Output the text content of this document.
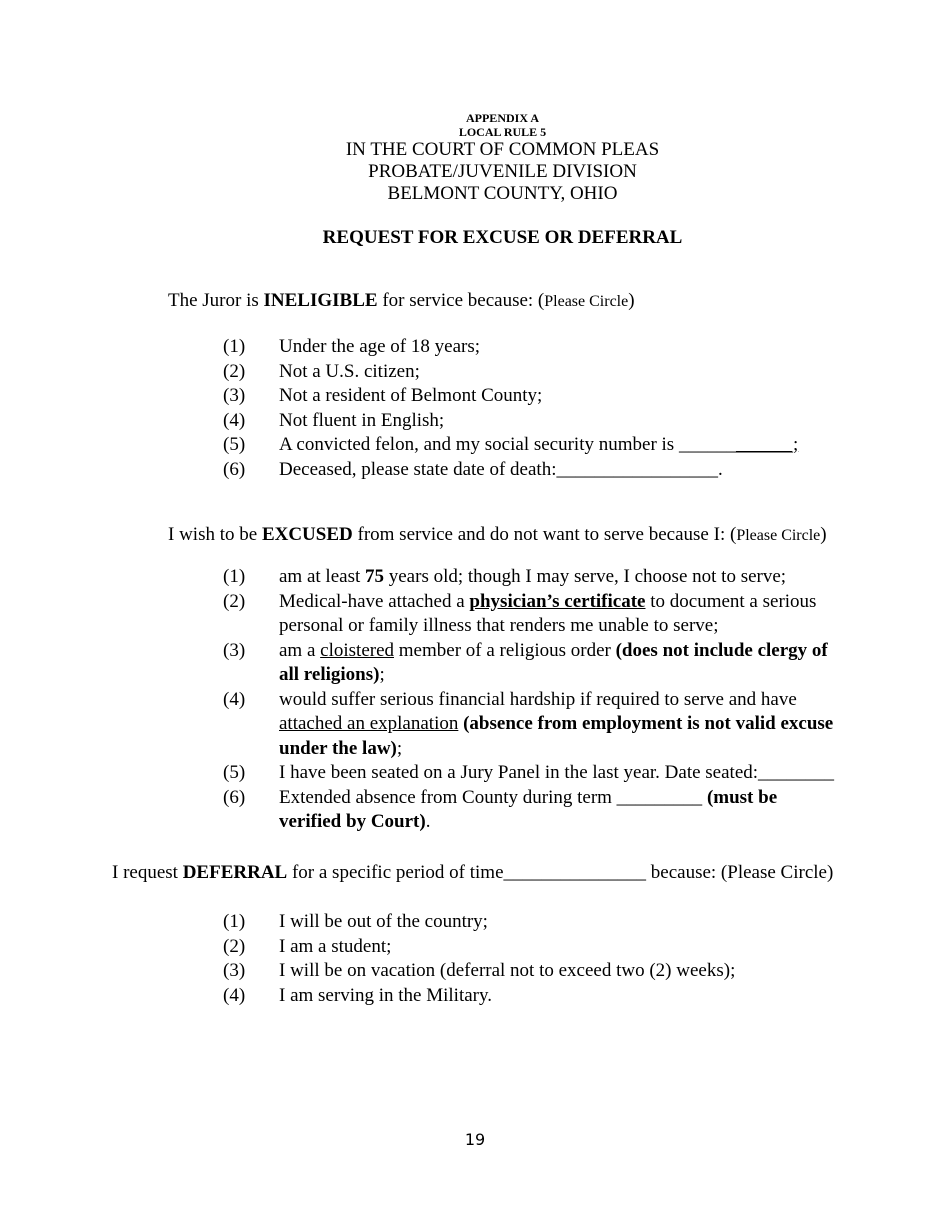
APPENDIX A
LOCAL RULE 5
IN THE COURT OF COMMON PLEAS
PROBATE/JUVENILE DIVISION
BELMONT COUNTY, OHIO
REQUEST FOR EXCUSE OR DEFERRAL
The Juror is INELIGIBLE for service because: (Please Circle)
(1) Under the age of 18 years;
(2) Not a U.S. citizen;
(3) Not a resident of Belmont County;
(4) Not fluent in English;
(5) A convicted felon, and my social security number is ____________;
(6) Deceased, please state date of death:_________________.
I wish to be EXCUSED from service and do not want to serve because I: (Please Circle)
(1) am at least 75 years old; though I may serve, I choose not to serve;
(2) Medical-have attached a physician’s certificate to document a serious personal or family illness that renders me unable to serve;
(3) am a cloistered member of a religious order (does not include clergy of all religions);
(4) would suffer serious financial hardship if required to serve and have attached an explanation (absence from employment is not valid excuse under the law);
(5) I have been seated on a Jury Panel in the last year. Date seated:________
(6) Extended absence from County during term _________ (must be verified by Court).
I request DEFERRAL for a specific period of time_______________ because: (Please Circle)
(1) I will be out of the country;
(2) I am a student;
(3) I will be on vacation (deferral not to exceed two (2) weeks);
(4) I am serving in the Military.
19
